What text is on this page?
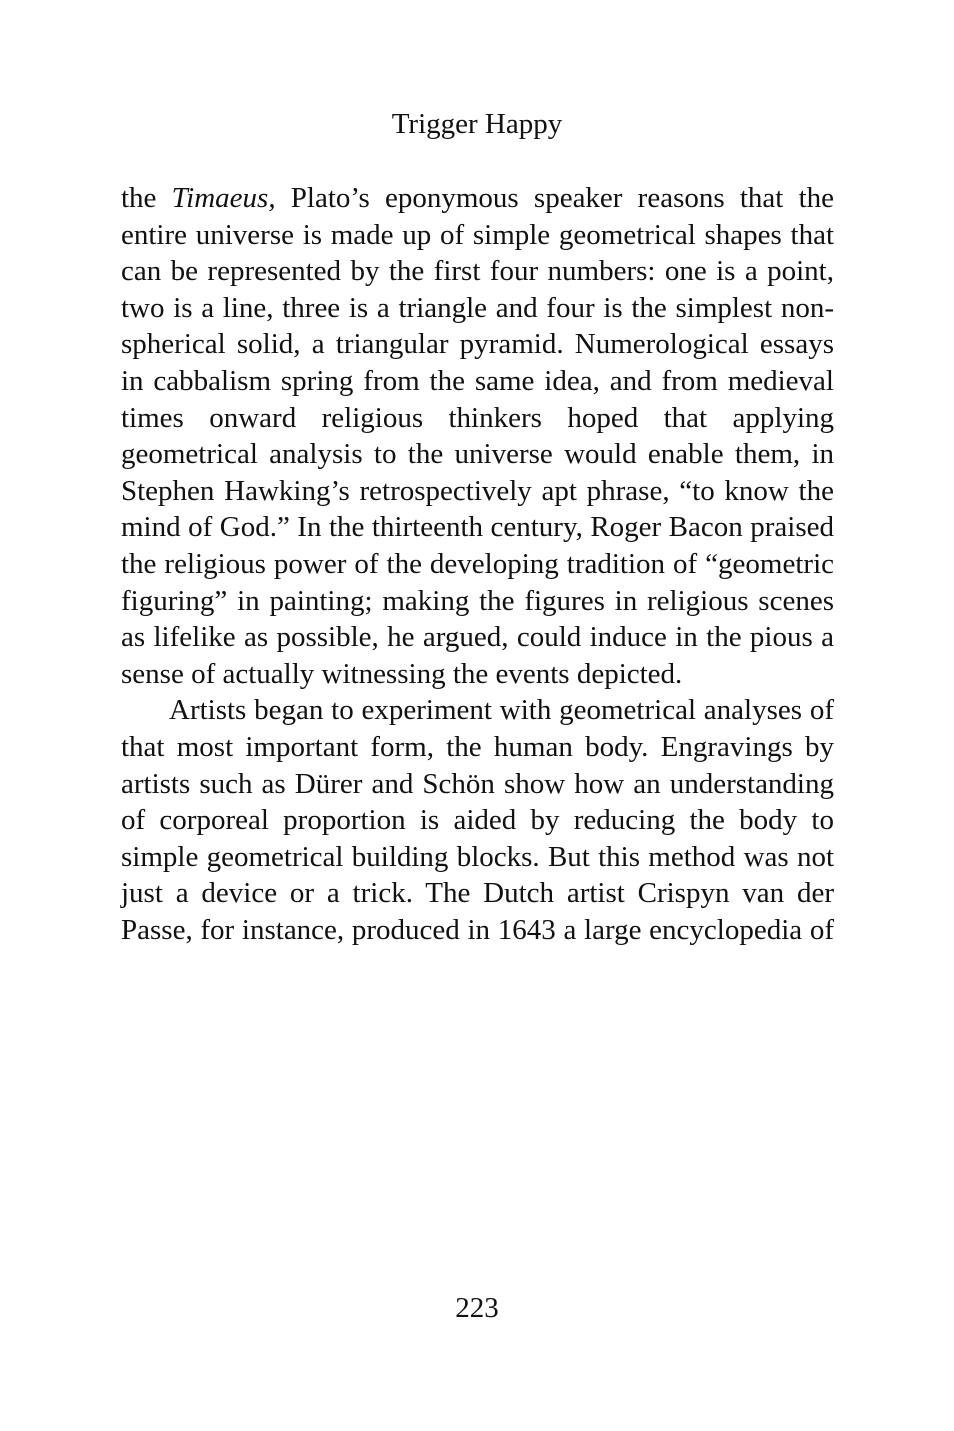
Trigger Happy

the Timaeus, Plato’s eponymous speaker reasons that the entire universe is made up of simple geometrical shapes that can be represented by the first four numbers: one is a point, two is a line, three is a triangle and four is the simplest non-spherical solid, a triangular pyramid. Numerological essays in cabbalism spring from the same idea, and from medieval times onward religious thinkers hoped that applying geometrical analysis to the universe would enable them, in Stephen Hawking’s retrospectively apt phrase, “to know the mind of God.” In the thirteenth century, Roger Bacon praised the religious power of the developing tradition of “geometric figuring” in painting; making the figures in religious scenes as lifelike as possible, he argued, could induce in the pious a sense of actually witnessing the events depicted.

Artists began to experiment with geometrical analyses of that most important form, the human body. Engravings by artists such as Dürer and Schön show how an understanding of corporeal proportion is aided by reducing the body to simple geometrical building blocks. But this method was not just a device or a trick. The Dutch artist Crispyn van der Passe, for instance, produced in 1643 a large encyclopedia of

223
